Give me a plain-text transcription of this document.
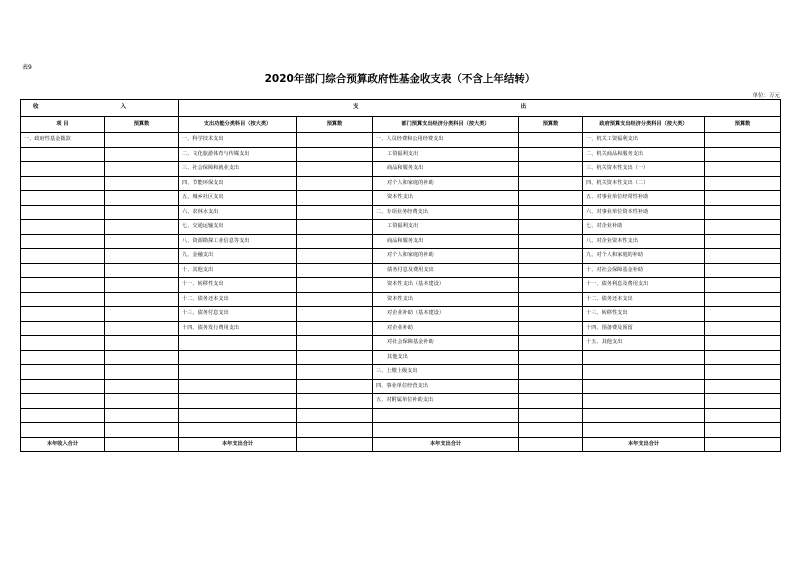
表9
2020年部门综合预算政府性基金收支表（不含上年结转）
单位：万元
收 入		支 出					
项 目	预算数	支出功能分类科目（按大类）	预算数	部门预算支出经济分类科目（按大类）	预算数	政府预算支出经济分类科目（按大类）	预算数
一、政府性基金拨款		一、科学技术支出		一、人员经费和公用经费支出		一、机关工资福利支出	
		二、文化旅游体育与传媒支出		工资福利支出		二、机关商品和服务支出	
		三、社会保障和就业支出		商品和服务支出		三、机关资本性支出（一）	
		四、节能环保支出		对个人和家庭的补助		四、机关资本性支出（二）	
		五、城乡社区支出		资本性支出		五、对事业单位经常性补助	
		六、农林水支出		二、专项业务经费支出		六、对事业单位资本性补助	
		七、交通运输支出		工资福利支出		七、对企业补助	
		八、资源勘探工业信息等支出		商品和服务支出		八、对企业资本性支出	
		九、金融支出		对个人和家庭的补助		九、对个人和家庭的补助	
		十、其他支出		债务付息及费用支出		十、对社会保障基金补助	
		十一、转移性支出		资本性支出（基本建设）		十一、债务利息及费用支出	
		十二、债务还本支出		资本性支出		十二、债务还本支出	
		十三、债务付息支出		对企业补助（基本建设）		十三、转移性支出	
		十四、债务发行费用支出		对企业补助		十四、预备费及预留	
				对社会保障基金补助		十五、其他支出	
				其他支出			
				三、上缴上级支出			
				四、事业单位经营支出			
				五、对附属单位补助支出			

本年收入合计		本年支出合计		本年支出合计		本年支出合计	
